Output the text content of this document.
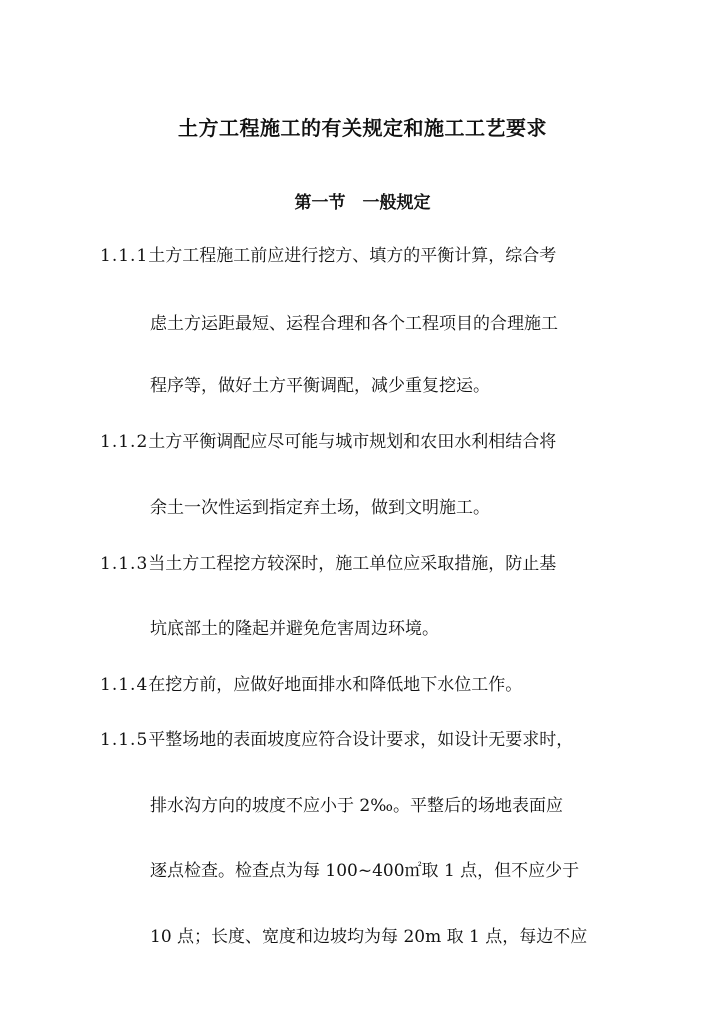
土方工程施工的有关规定和施工工艺要求
第一节　一般规定

1.1.1土方工程施工前应进行挖方、填方的平衡计算，综合考

虑土方运距最短、运程合理和各个工程项目的合理施工

程序等，做好土方平衡调配，减少重复挖运。

1.1.2土方平衡调配应尽可能与城市规划和农田水利相结合将

余土一次性运到指定弃土场，做到文明施工。

1.1.3当土方工程挖方较深时，施工单位应采取措施，防止基

坑底部土的隆起并避免危害周边环境。

1.1.4在挖方前，应做好地面排水和降低地下水位工作。

1.1.5平整场地的表面坡度应符合设计要求，如设计无要求时，

排水沟方向的坡度不应小于 2‰。平整后的场地表面应

逐点检查。检查点为每 100~400㎡取 1 点，但不应少于

10 点；长度、宽度和边坡均为每 20m 取 1 点，每边不应
